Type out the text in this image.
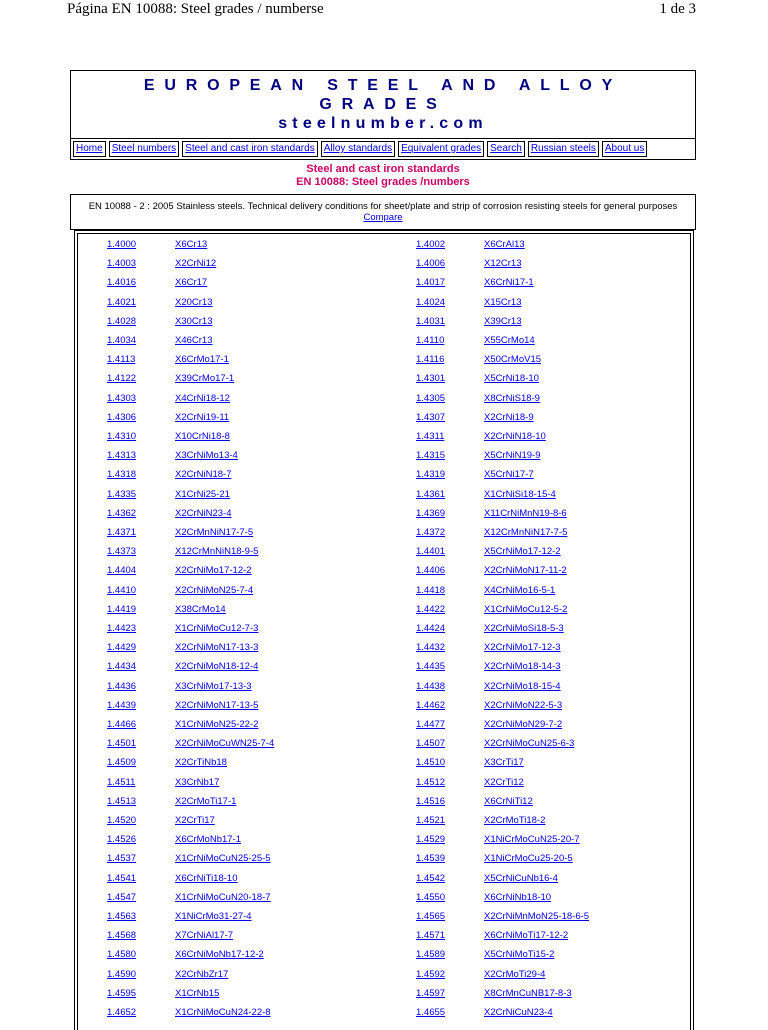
Página EN 10088: Steel grades / numberse	1 de 3
EUROPEAN STEEL AND ALLOY
GRADES
steelnumber.com
Home Steel numbers Steel and cast iron standards Alloy standards Equivalent grades Search Russian steels About us
Steel and cast iron standards
EN 10088: Steel grades /numbers
EN 10088 - 2 : 2005 Stainless steels. Technical delivery conditions for sheet/plate and strip of corrosion resisting steels for general purposes Compare
1.4000	X6Cr13	1.4002	X6CrAl13
1.4003	X2CrNi12	1.4006	X12Cr13
1.4016	X6Cr17	1.4017	X6CrNi17-1
1.4021	X20Cr13	1.4024	X15Cr13
1.4028	X30Cr13	1.4031	X39Cr13
1.4034	X46Cr13	1.4110	X55CrMo14
1.4113	X6CrMo17-1	1.4116	X50CrMoV15
1.4122	X39CrMo17-1	1.4301	X5CrNi18-10
1.4303	X4CrNi18-12	1.4305	X8CrNiS18-9
1.4306	X2CrNi19-11	1.4307	X2CrNi18-9
1.4310	X10CrNi18-8	1.4311	X2CrNiN18-10
1.4313	X3CrNiMo13-4	1.4315	X5CrNiN19-9
1.4318	X2CrNiN18-7	1.4319	X5CrNi17-7
1.4335	X1CrNi25-21	1.4361	X1CrNiSi18-15-4
1.4362	X2CrNiN23-4	1.4369	X11CrNiMnN19-8-6
1.4371	X2CrMnNiN17-7-5	1.4372	X12CrMnNiN17-7-5
1.4373	X12CrMnNiN18-9-5	1.4401	X5CrNiMo17-12-2
1.4404	X2CrNiMo17-12-2	1.4406	X2CrNiMoN17-11-2
1.4410	X2CrNiMoN25-7-4	1.4418	X4CrNiMo16-5-1
1.4419	X38CrMo14	1.4422	X1CrNiMoCu12-5-2
1.4423	X1CrNiMoCu12-7-3	1.4424	X2CrNiMoSi18-5-3
1.4429	X2CrNiMoN17-13-3	1.4432	X2CrNiMo17-12-3
1.4434	X2CrNiMoN18-12-4	1.4435	X2CrNiMo18-14-3
1.4436	X3CrNiMo17-13-3	1.4438	X2CrNiMo18-15-4
1.4439	X2CrNiMoN17-13-5	1.4462	X2CrNiMoN22-5-3
1.4466	X1CrNiMoN25-22-2	1.4477	X2CrNiMoN29-7-2
1.4501	X2CrNiMoCuWN25-7-4	1.4507	X2CrNiMoCuN25-6-3
1.4509	X2CrTiNb18	1.4510	X3CrTi17
1.4511	X3CrNb17	1.4512	X2CrTi12
1.4513	X2CrMoTi17-1	1.4516	X6CrNiTi12
1.4520	X2CrTi17	1.4521	X2CrMoTi18-2
1.4526	X6CrMoNb17-1	1.4529	X1NiCrMoCuN25-20-7
1.4537	X1CrNiMoCuN25-25-5	1.4539	X1NiCrMoCu25-20-5
1.4541	X6CrNiTi18-10	1.4542	X5CrNiCuNb16-4
1.4547	X1CrNiMoCuN20-18-7	1.4550	X6CrNiNb18-10
1.4563	X1NiCrMo31-27-4	1.4565	X2CrNiMnMoN25-18-6-5
1.4568	X7CrNiAl17-7	1.4571	X6CrNiMoTi17-12-2
1.4580	X6CrNiMoNb17-12-2	1.4589	X5CrNiMoTi15-2
1.4590	X2CrNbZr17	1.4592	X2CrMoTi29-4
1.4595	X1CrNb15	1.4597	X8CrMnCuNB17-8-3
1.4652	X1CrNiMoCuN24-22-8	1.4655	X2CrNiCuN23-4
